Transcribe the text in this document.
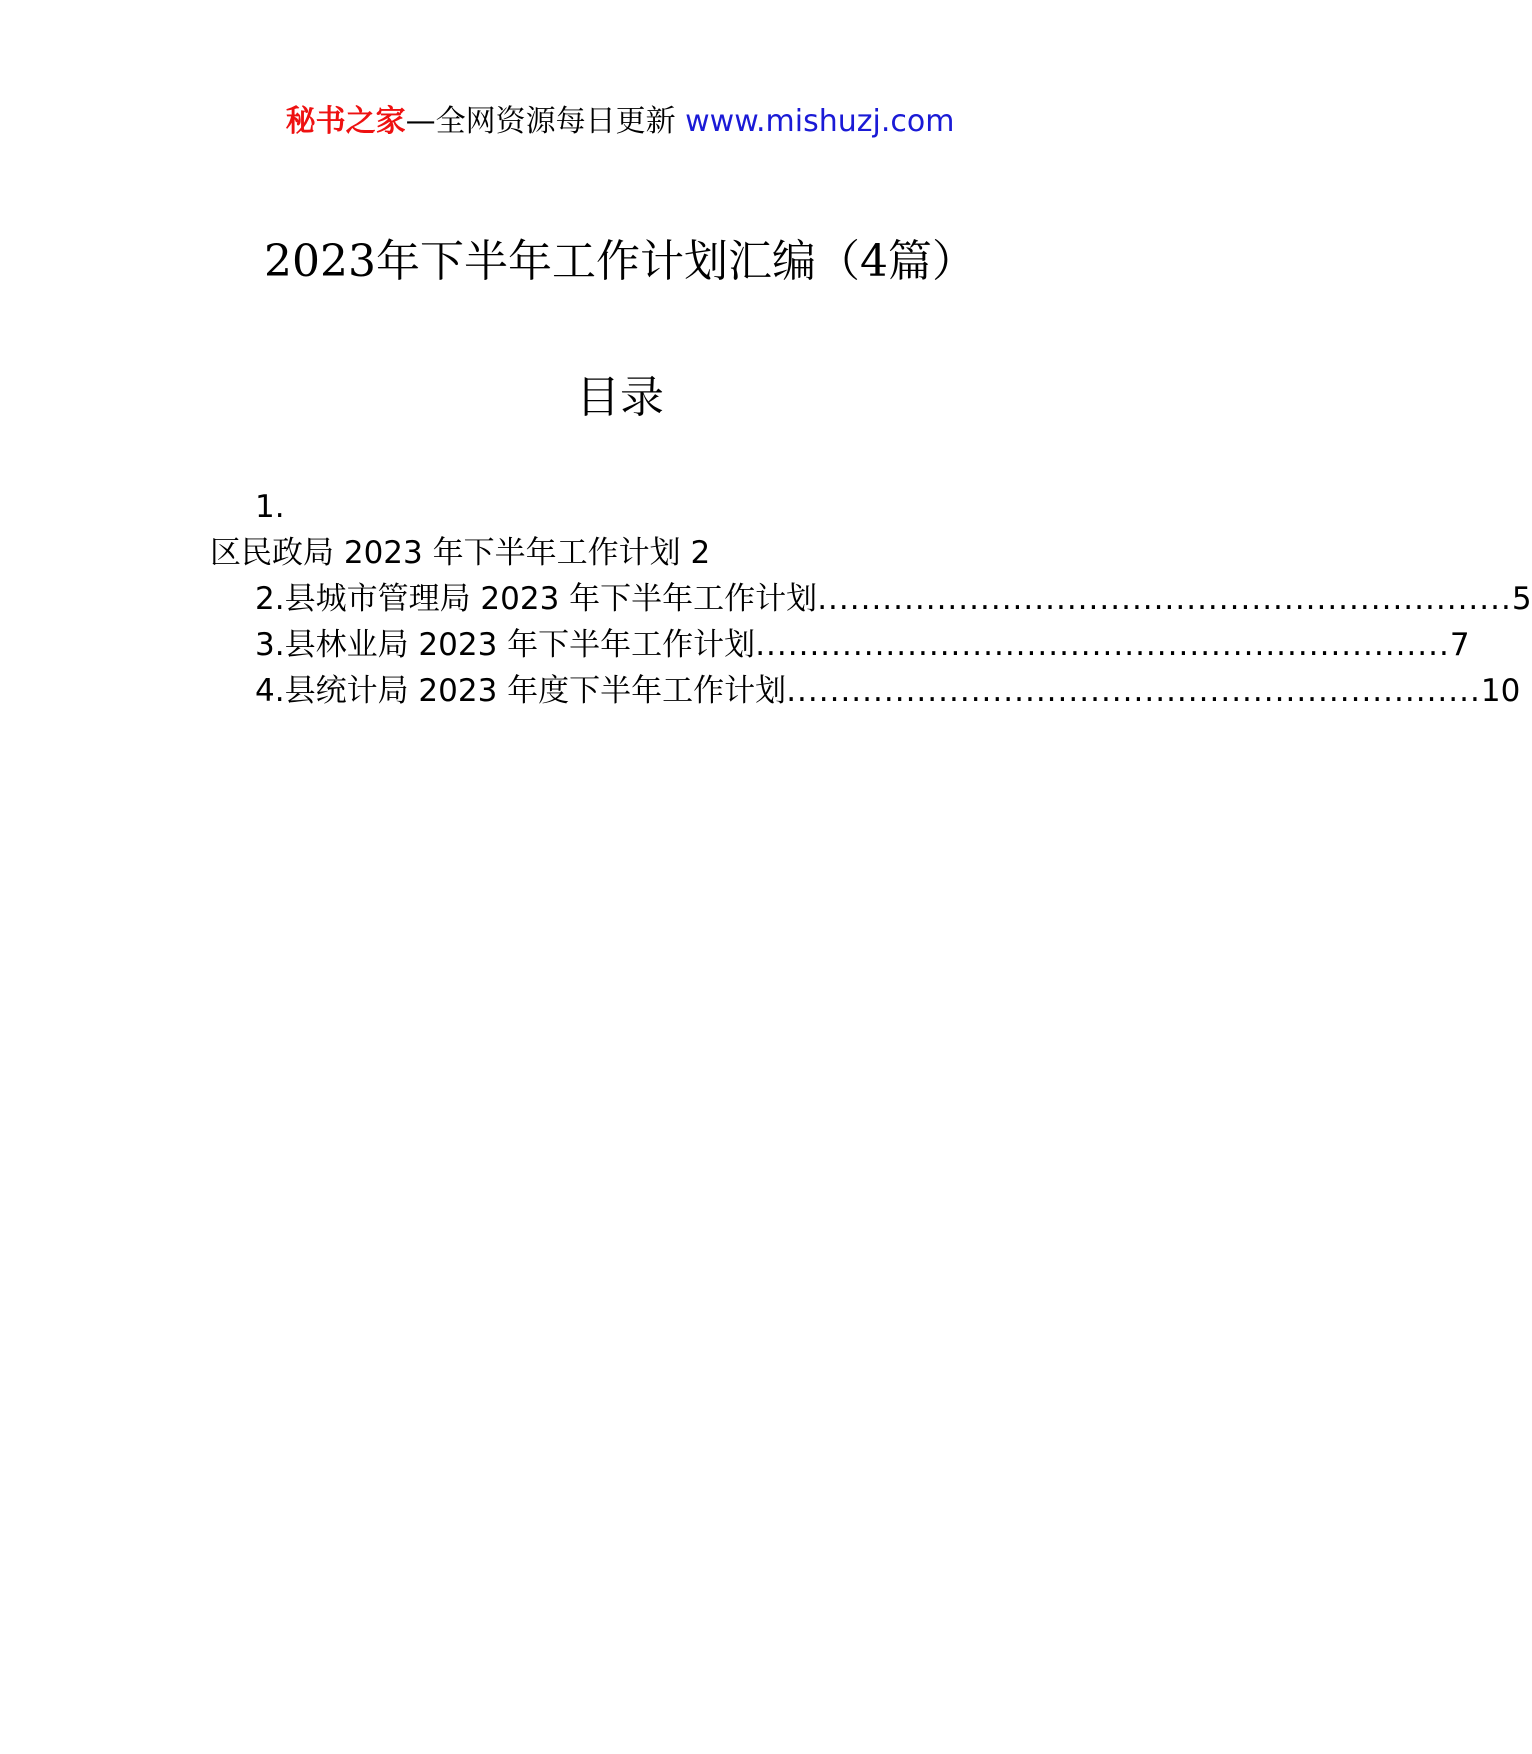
秘书之家—全网资源每日更新 www.mishuzj.com
2023年下半年工作计划汇编（4篇）
目录
1.
区民政局 2023 年下半年工作计划 2
2.县城市管理局 2023 年下半年工作计划 ................................................................ 5
3.县林业局 2023 年下半年工作计划 ................................................................ 7
4.县统计局 2023 年度下半年工作计划 ................................................................ 10
